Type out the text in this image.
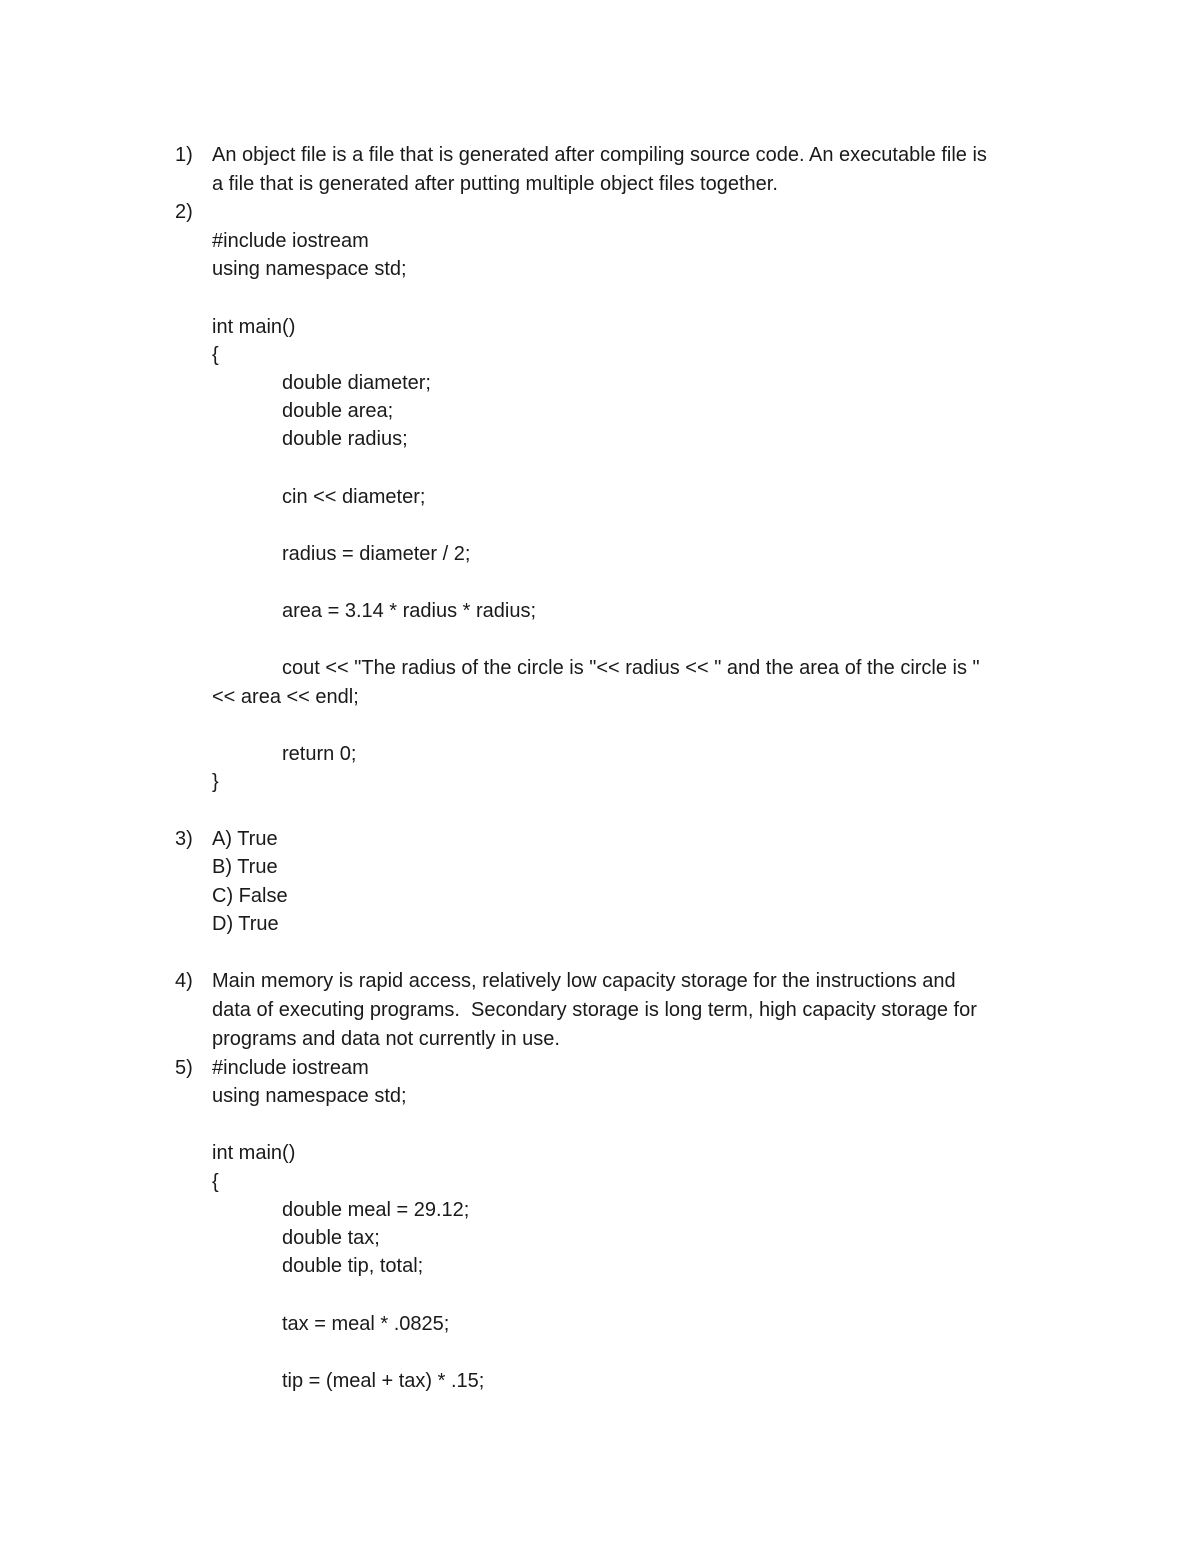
1) An object file is a file that is generated after compiling source code. An executable file is
a file that is generated after putting multiple object files together.
2)
#include iostream
using namespace std;
int main()
{
double diameter;
double area;
double radius;
cin << diameter;
radius = diameter / 2;
area = 3.14 * radius * radius;
cout << "The radius of the circle is "<< radius << " and the area of the circle is "
<< area << endl;
return 0;
}
3) A) True
B) True
C) False
D) True
4) Main memory is rapid access, relatively low capacity storage for the instructions and
data of executing programs.  Secondary storage is long term, high capacity storage for
programs and data not currently in use.
5) #include iostream
using namespace std;
int main()
{
double meal = 29.12;
double tax;
double tip, total;
tax = meal * .0825;
tip = (meal + tax) * .15;
